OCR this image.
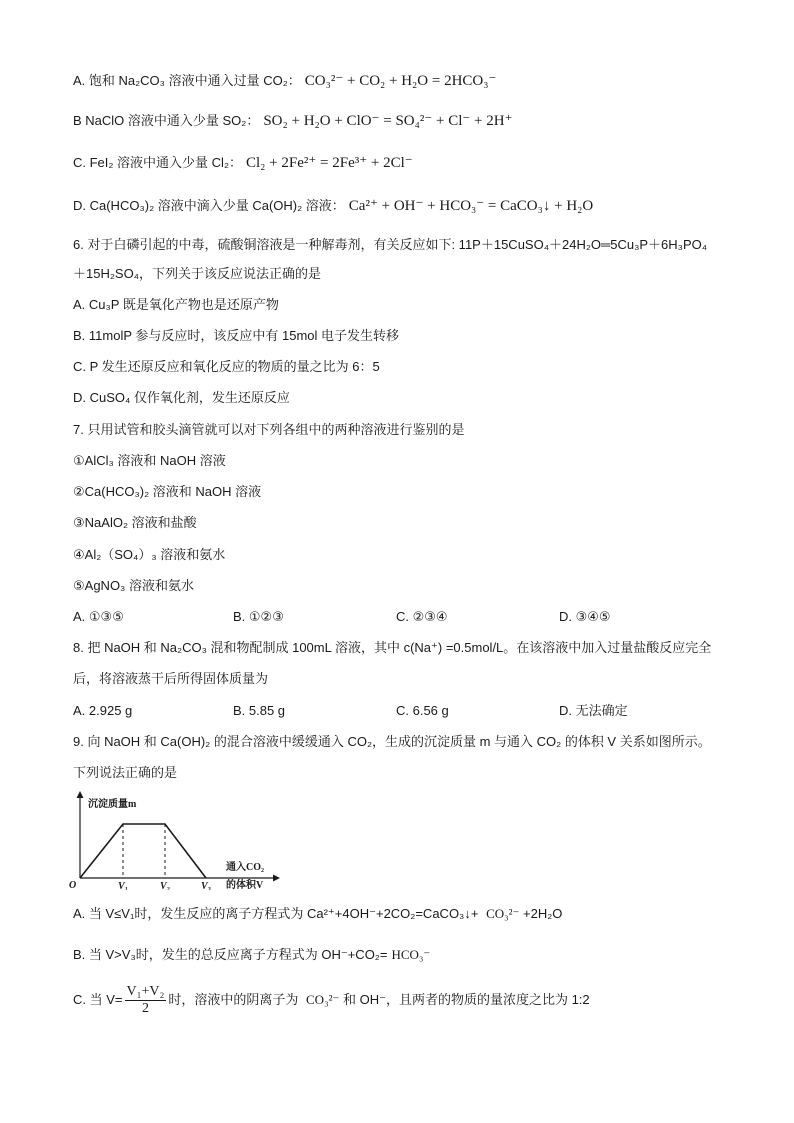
A. 饱和 Na₂CO₃ 溶液中通入过量 CO₂： CO₃²⁻ + CO₂ + H₂O = 2HCO₃⁻
B NaClO 溶液中通入少量 SO₂： SO₂ + H₂O + ClO⁻ = SO₄²⁻ + Cl⁻ + 2H⁺
C. FeI₂ 溶液中通入少量 Cl₂： Cl₂ + 2Fe²⁺ = 2Fe³⁺ + 2Cl⁻
D. Ca(HCO₃)₂ 溶液中滴入少量 Ca(OH)₂ 溶液： Ca²⁺ + OH⁻ + HCO₃⁻ = CaCO₃↓ + H₂O
6. 对于白磷引起的中毒，硫酸铜溶液是一种解毒剂，有关反应如下: 11P＋15CuSO₄＋24H₂O═5Cu₃P＋6H₃PO₄
＋15H₂SO₄，下列关于该反应说法正确的是
A. Cu₃P 既是氧化产物也是还原产物
B. 11molP 参与反应时，该反应中有 15mol 电子发生转移
C. P 发生还原反应和氧化反应的物质的量之比为 6：5
D. CuSO₄ 仅作氧化剂，发生还原反应
7. 只用试管和胶头滴管就可以对下列各组中的两种溶液进行鉴别的是
①AlCl₃ 溶液和 NaOH 溶液
②Ca(HCO₃)₂ 溶液和 NaOH 溶液
③NaAlO₂ 溶液和盐酸
④Al₂（SO₄）₃ 溶液和氨水
⑤AgNO₃ 溶液和氨水
A. ①③⑤	B. ①②③	C. ②③④	D. ③④⑤
8. 把 NaOH 和 Na₂CO₃ 混和物配制成 100mL 溶液，其中 c(Na⁺) =0.5mol/L。在该溶液中加入过量盐酸反应完全
后，将溶液蒸干后所得固体质量为
A. 2.925 g	B. 5.85 g	C. 6.56 g	D. 无法确定
9. 向 NaOH 和 Ca(OH)₂ 的混合溶液中缓缓通入 CO₂，生成的沉淀质量 m 与通入 CO₂ 的体积 V 关系如图所示。
下列说法正确的是
沉淀质量m
O
通入CO₂
的体积V
V₁	V₂	V₃
A. 当 V≤V₁时，发生反应的离子方程式为 Ca²⁺+4OH⁻+2CO₂=CaCO₃↓+ CO₃²⁻ +2H₂O
B. 当 V>V₃时，发生的总反应离子方程式为 OH⁻+CO₂= HCO₃⁻
C. 当 $V= \frac{\text{V₁+V₂}}{2}$ 时，溶液中的阴离子为 CO₃²⁻ 和 OH⁻，且两者的物质的量浓度之比为 1:2
